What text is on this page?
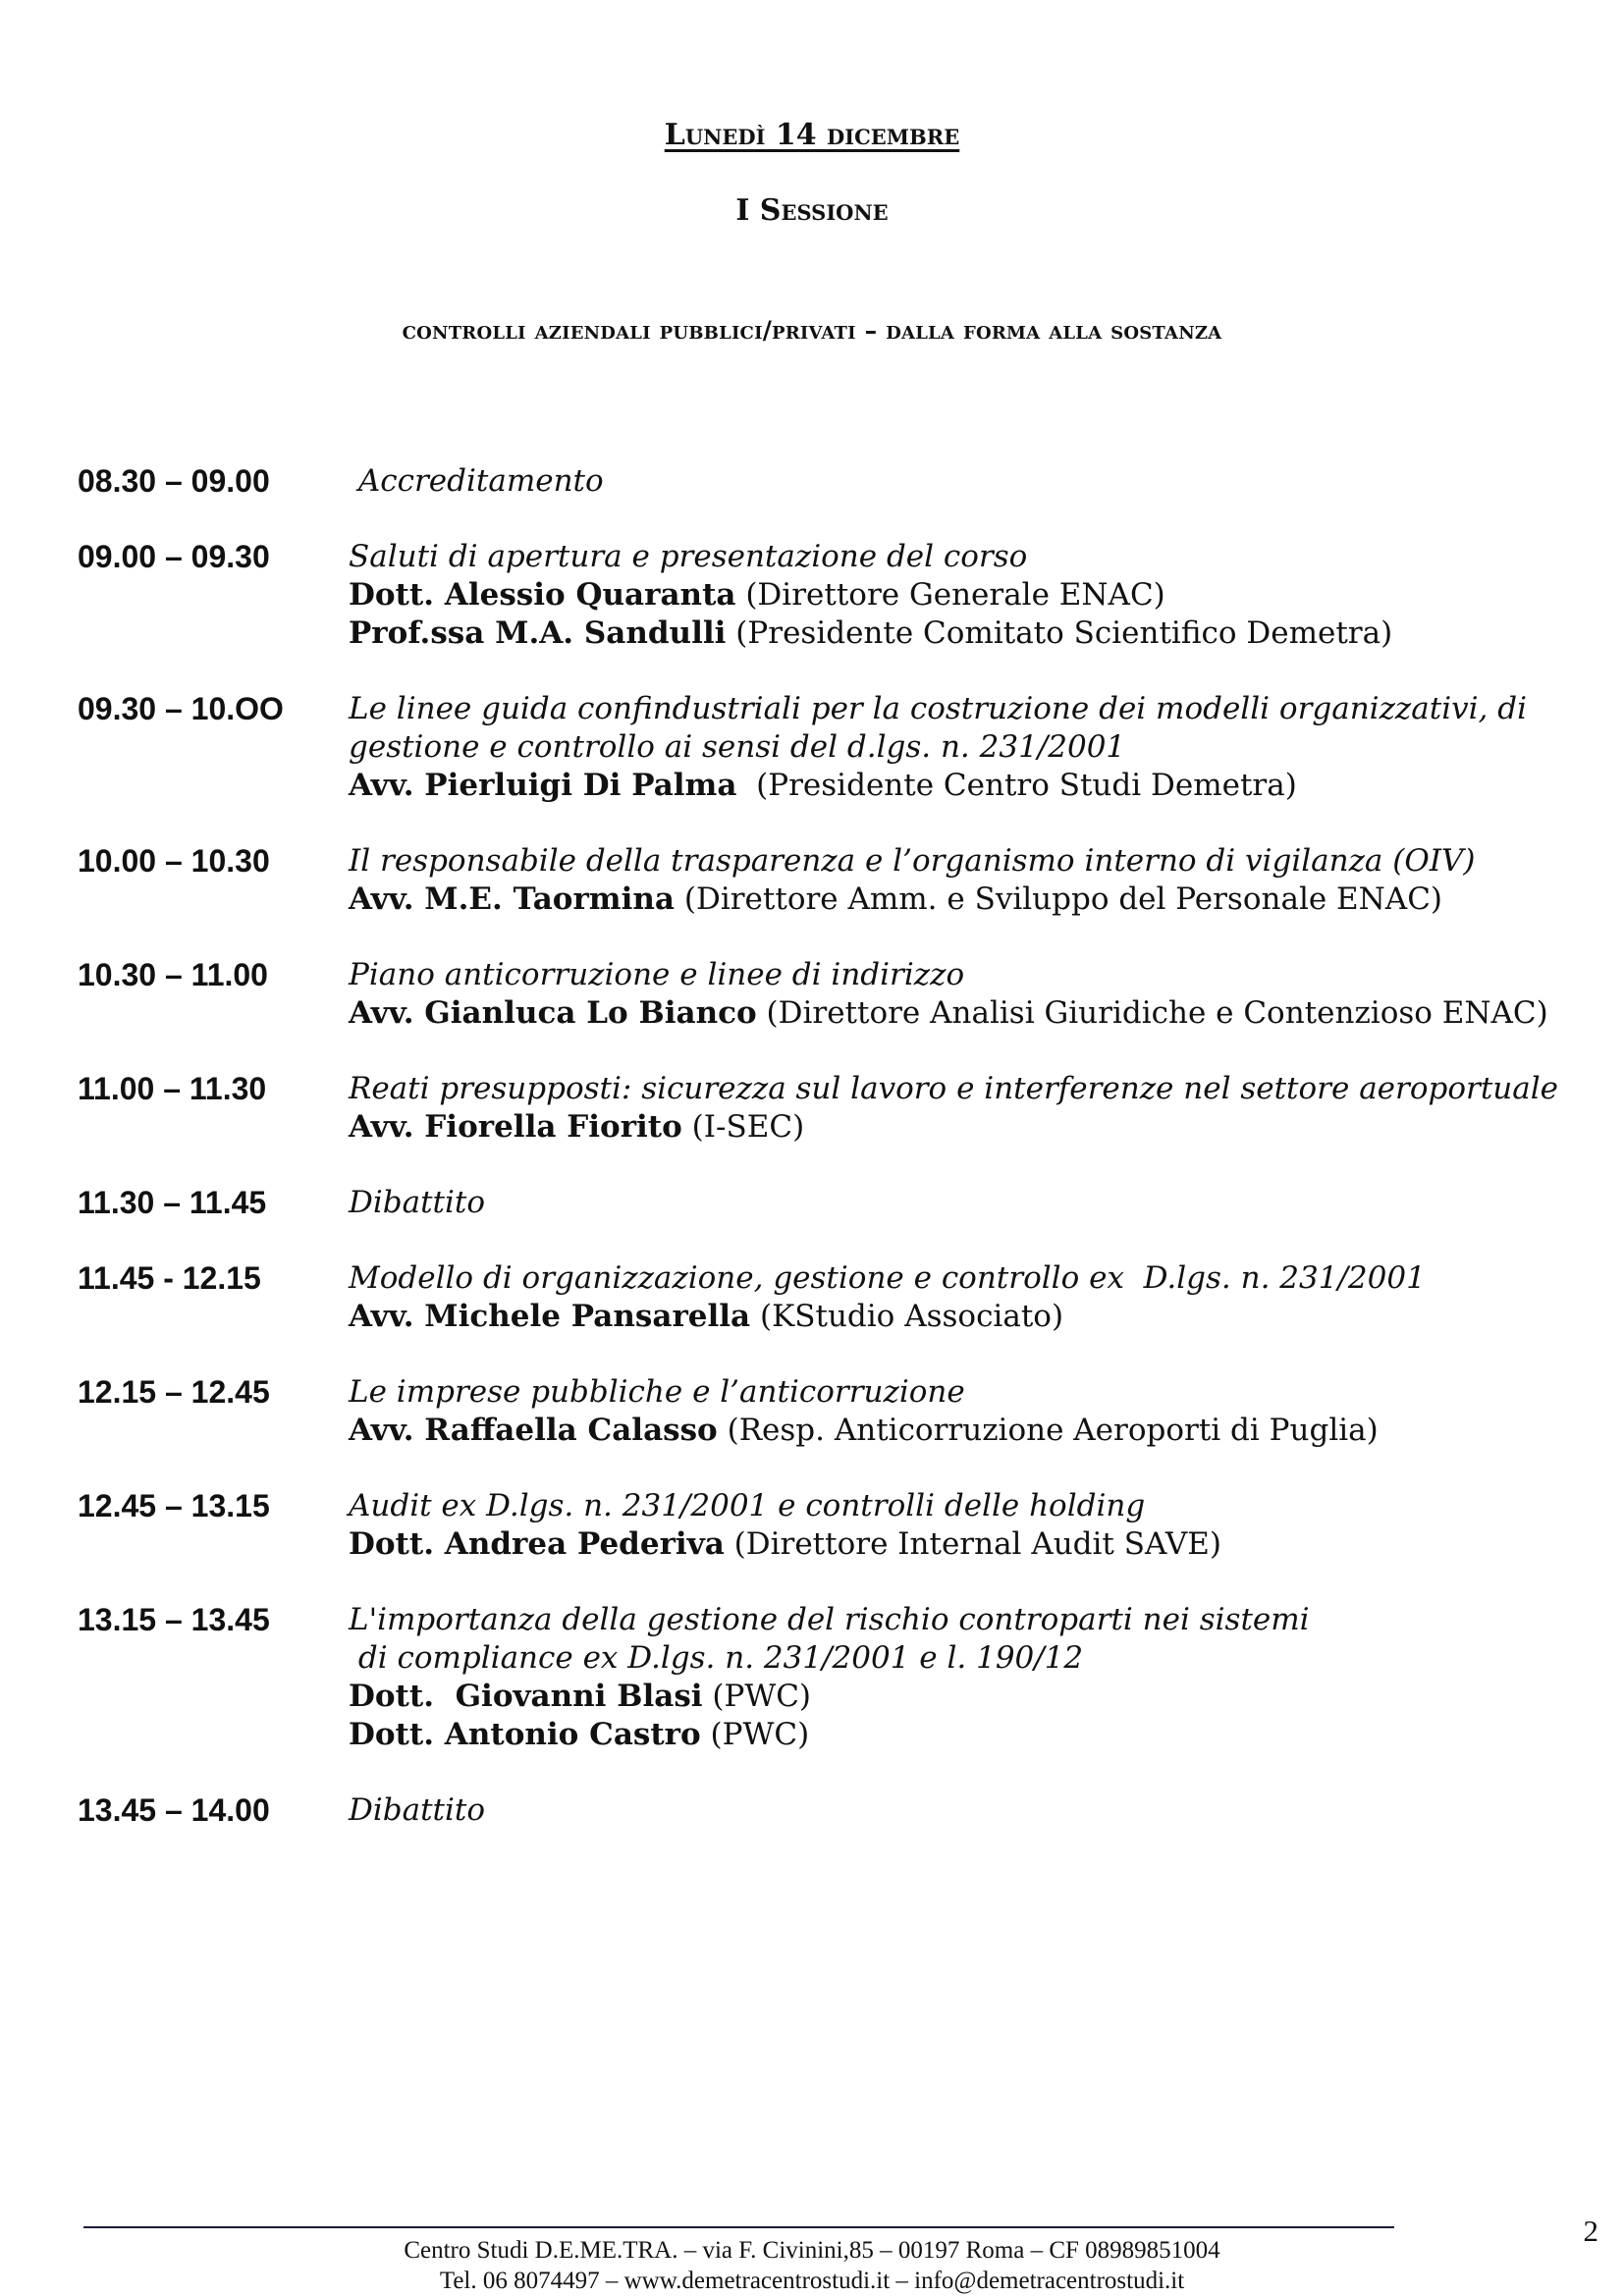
Lunedì 14 dicembre
I Sessione
controlli aziendali pubblici/privati – dalla forma alla sostanza
08.30 – 09.00	Accreditamento
09.00 – 09.30	Saluti di apertura e presentazione del corso
Dott. Alessio Quaranta (Direttore Generale ENAC)
Prof.ssa M.A. Sandulli (Presidente Comitato Scientifico Demetra)
09.30 – 10.OO	Le linee guida confindustriali per la costruzione dei modelli organizzativi, di gestione e controllo ai sensi del d.lgs. n. 231/2001
Avv. Pierluigi Di Palma  (Presidente Centro Studi Demetra)
10.00 – 10.30	Il responsabile della trasparenza e l’organismo interno di vigilanza (OIV)
Avv. M.E. Taormina (Direttore Amm. e Sviluppo del Personale ENAC)
10.30 – 11.00	Piano anticorruzione e linee di indirizzo
Avv. Gianluca Lo Bianco (Direttore Analisi Giuridiche e Contenzioso ENAC)
11.00 – 11.30	Reati presupposti: sicurezza sul lavoro e interferenze nel settore aeroportuale
Avv. Fiorella Fiorito (I-SEC)
11.30 – 11.45	Dibattito
11.45 - 12.15	Modello di organizzazione, gestione e controllo ex  D.lgs. n. 231/2001
Avv. Michele Pansarella (KStudio Associato)
12.15 – 12.45	Le imprese pubbliche e l’anticorruzione
Avv. Raffaella Calasso (Resp. Anticorruzione Aeroporti di Puglia)
12.45 – 13.15	Audit ex D.lgs. n. 231/2001 e controlli delle holding
Dott. Andrea Pederiva (Direttore Internal Audit SAVE)
13.15 – 13.45	L'importanza della gestione del rischio controparti nei sistemi
di compliance ex D.lgs. n. 231/2001 e l. 190/12
Dott.  Giovanni Blasi (PWC)
Dott. Antonio Castro (PWC)
13.45 – 14.00	Dibattito
Centro Studi D.E.ME.TRA. – via F. Civinini,85 – 00197 Roma – CF 08989851004
Tel. 06 8074497 – www.demetracentrostudi.it – info@demetracentrostudi.it
2
